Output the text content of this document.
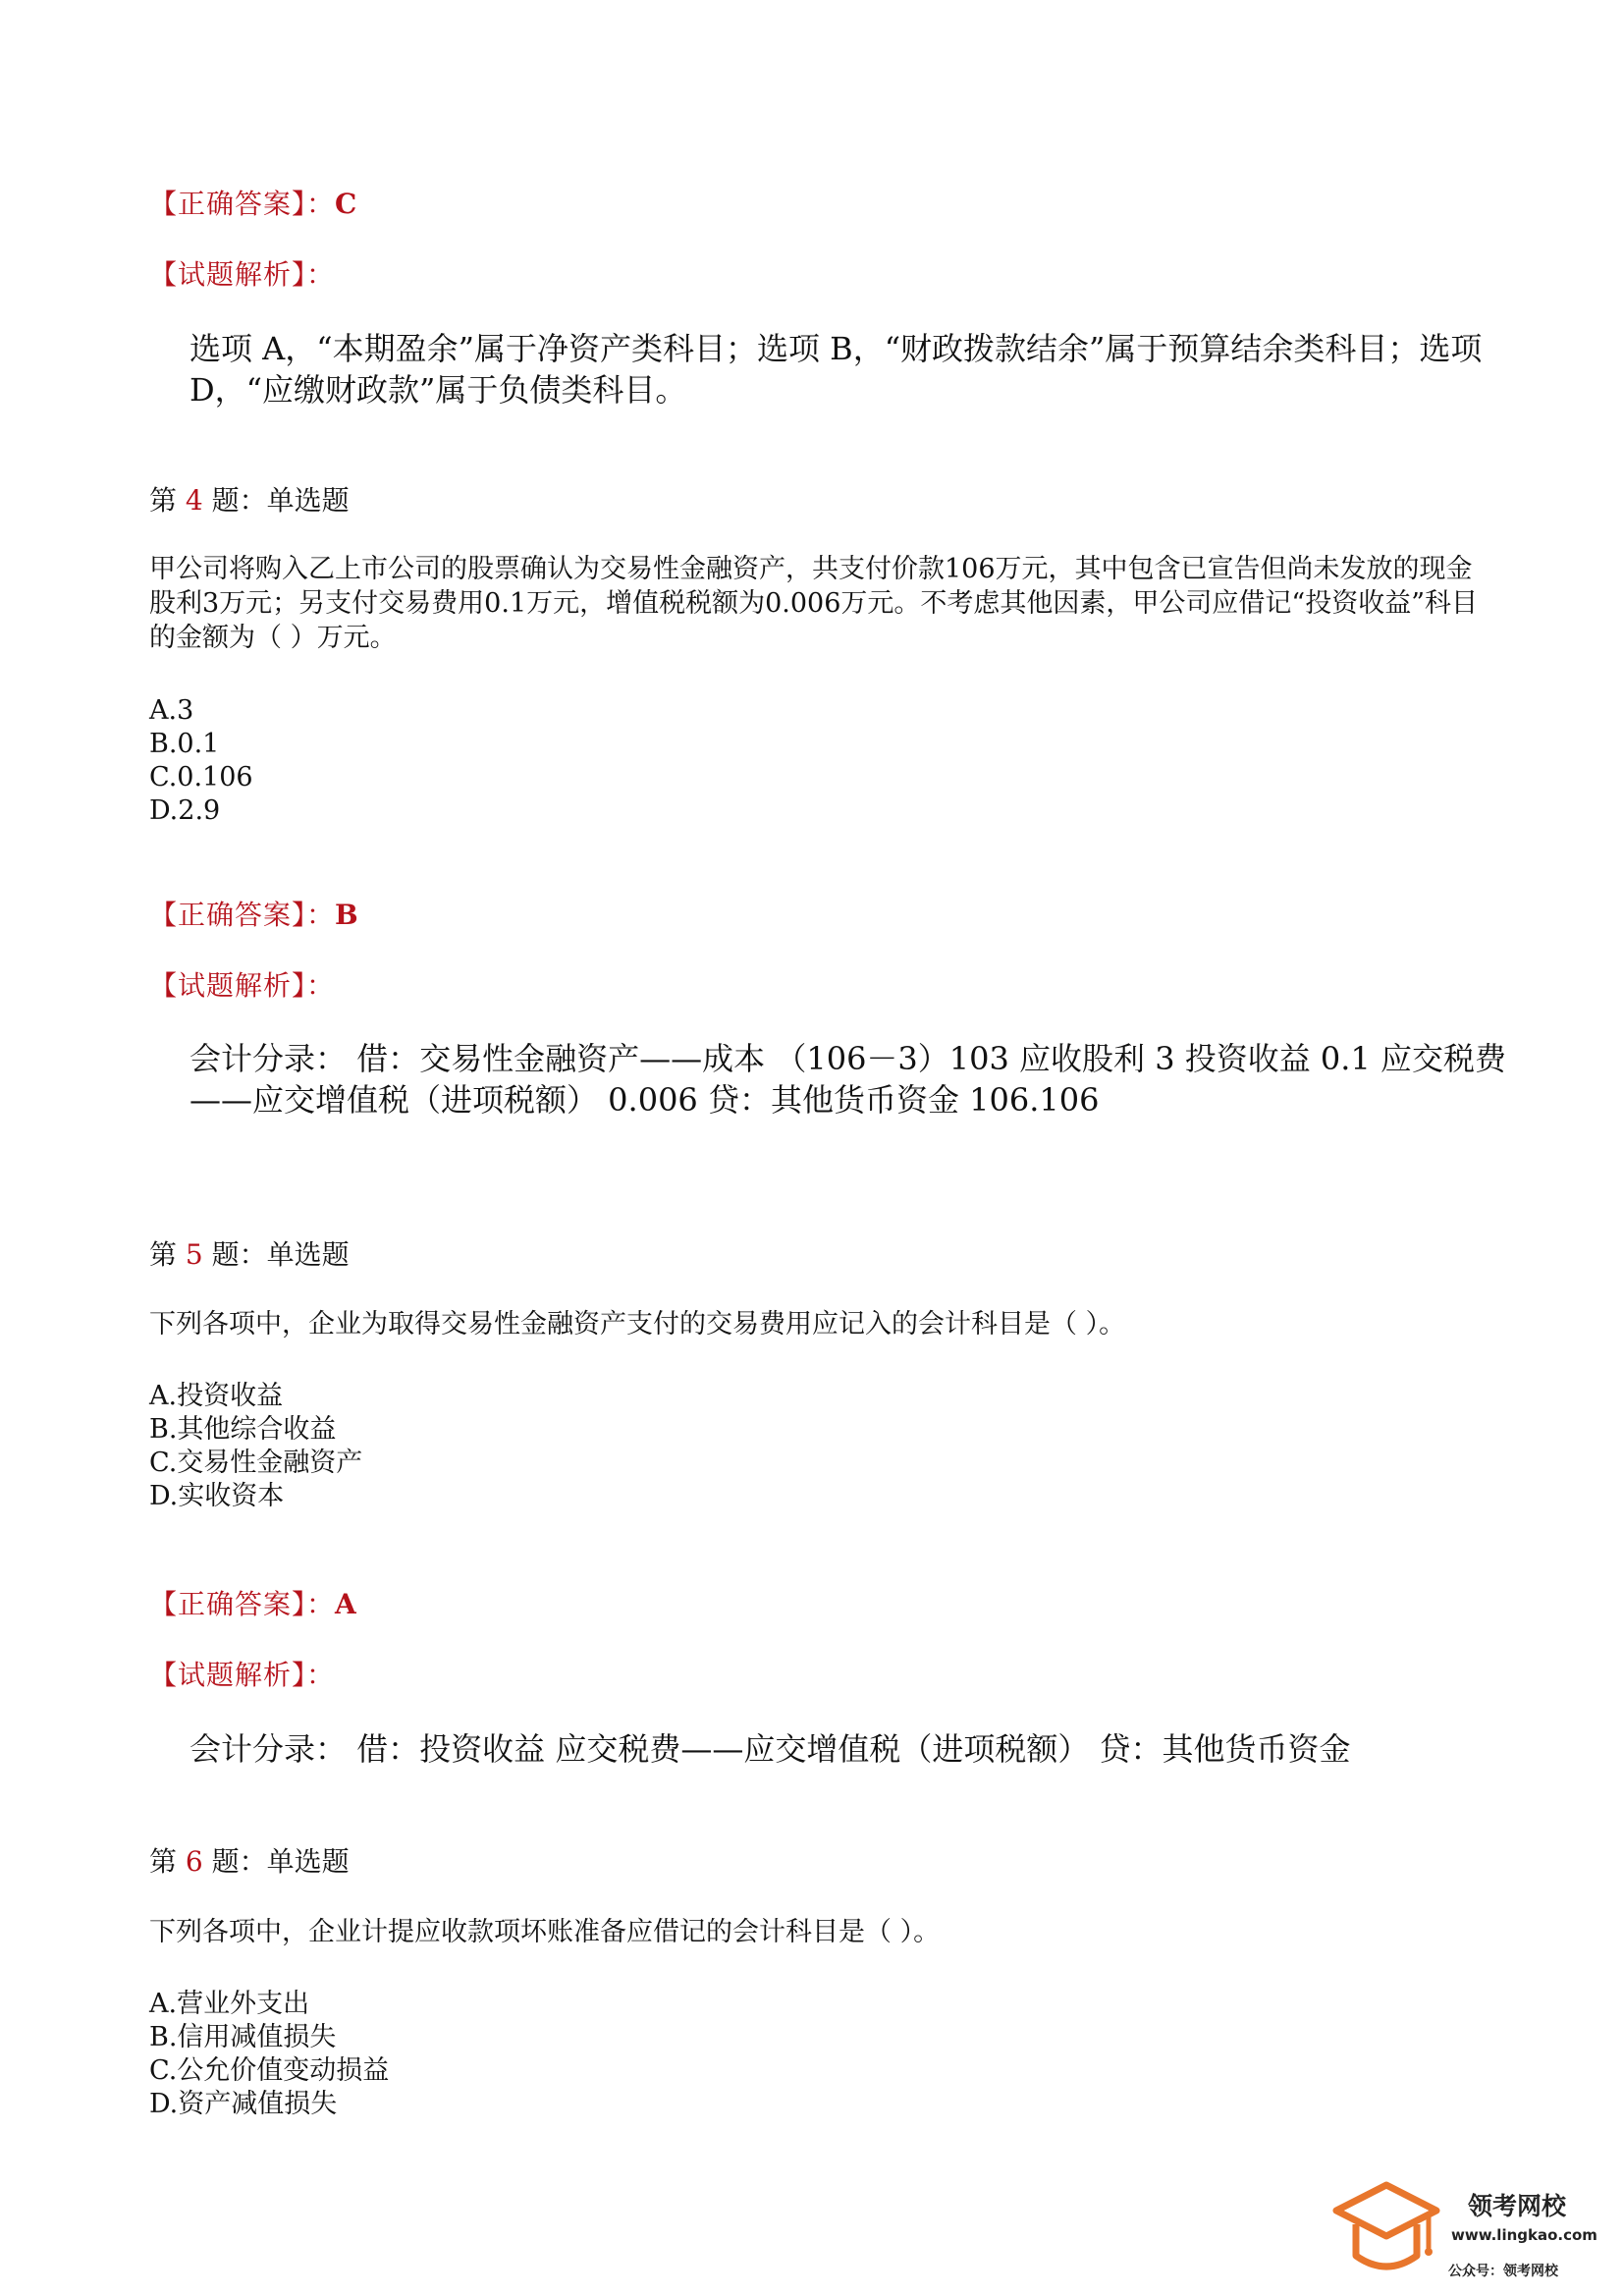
【正确答案】：C
【试题解析】：
选项 A，“本期盈余”属于净资产类科目；选项 B，“财政拨款结余”属于预算结余类科目；选项 D，“应缴财政款”属于负债类科目。
第 4 题：单选题
甲公司将购入乙上市公司的股票确认为交易性金融资产，共支付价款106万元，其中包含已宣告但尚未发放的现金股利3万元；另支付交易费用0.1万元，增值税税额为0.006万元。不考虑其他因素，甲公司应借记“投资收益”科目的金额为（ ）万元。
A.3
B.0.1
C.0.106
D.2.9
【正确答案】：B
【试题解析】：
会计分录： 借：交易性金融资产——成本 （106－3）103 应收股利 3 投资收益 0.1 应交税费——应交增值税（进项税额） 0.006 贷：其他货币资金 106.106
第 5 题：单选题
下列各项中，企业为取得交易性金融资产支付的交易费用应记入的会计科目是（ ）。
A.投资收益
B.其他综合收益
C.交易性金融资产
D.实收资本
【正确答案】：A
【试题解析】：
会计分录： 借：投资收益 应交税费——应交增值税（进项税额） 贷：其他货币资金
第 6 题：单选题
下列各项中，企业计提应收款项坏账准备应借记的会计科目是（ ）。
A.营业外支出
B.信用减值损失
C.公允价值变动损益
D.资产减值损失
领考网校
www.lingkao.com
公众号：领考网校
